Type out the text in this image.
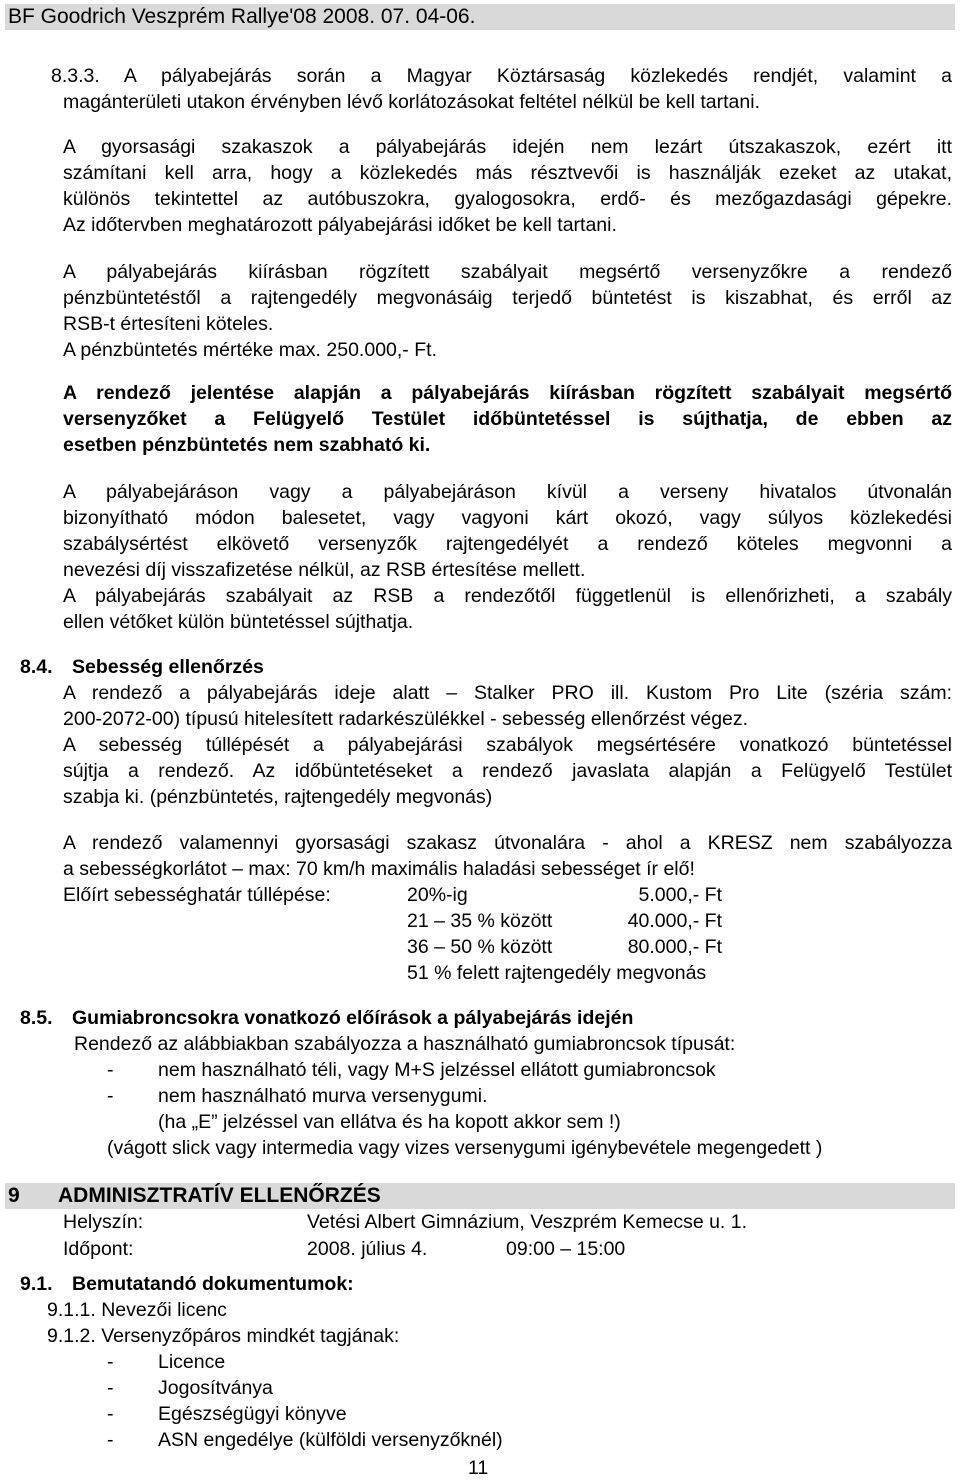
BF Goodrich Veszprém Rallye'08 2008. 07. 04-06.
8.3.3. A pályabejárás során a Magyar Köztársaság közlekedés rendjét, valamint a
magánterületi utakon érvényben lévő korlátozásokat feltétel nélkül be kell tartani.
A gyorsasági szakaszok a pályabejárás idején nem lezárt útszakaszok, ezért itt
számítani kell arra, hogy a közlekedés más résztvevői is használják ezeket az utakat,
különös tekintettel az autóbuszokra, gyalogosokra, erdő- és mezőgazdasági gépekre.
Az időtervben meghatározott pályabejárási időket be kell tartani.
A pályabejárás kiírásban rögzített szabályait megsértő versenyzőkre a rendező
pénzbüntetéstől a rajtengedély megvonásáig terjedő büntetést is kiszabhat, és erről az
RSB-t értesíteni köteles.
A pénzbüntetés mértéke max. 250.000,- Ft.
A rendező jelentése alapján a pályabejárás kiírásban rögzített szabályait megsértő
versenyzőket a Felügyelő Testület időbüntetéssel is sújthatja, de ebben az
esetben pénzbüntetés nem szabható ki.
A pályabejáráson vagy a pályabejáráson kívül a verseny hivatalos útvonalán
bizonyítható módon balesetet, vagy vagyoni kárt okozó, vagy súlyos közlekedési
szabálysértést elkövető versenyzők rajtengedélyét a rendező köteles megvonni a
nevezési díj visszafizetése nélkül, az RSB értesítése mellett.
A pályabejárás szabályait az RSB a rendezőtől függetlenül is ellenőrizheti, a szabály
ellen vétőket külön büntetéssel sújthatja.
8.4. Sebesség ellenőrzés
A rendező a pályabejárás ideje alatt – Stalker PRO ill. Kustom Pro Lite (széria szám:
200-2072-00) típusú hitelesített radarkészülékkel - sebesség ellenőrzést végez.
A sebesség túllépését a pályabejárási szabályok megsértésére vonatkozó büntetéssel
sújtja a rendező. Az időbüntetéseket a rendező javaslata alapján a Felügyelő Testület
szabja ki. (pénzbüntetés, rajtengedély megvonás)
A rendező valamennyi gyorsasági szakasz útvonalára - ahol a KRESZ nem szabályozza
a sebességkorlátot – max: 70 km/h maximális haladási sebességet ír elő!
Előírt sebességhatár túllépése:	20%-ig	5.000,- Ft
21 – 35 % között	40.000,- Ft
36 – 50 % között	80.000,- Ft
51 % felett rajtengedély megvonás
8.5. Gumiabroncsokra vonatkozó előírások a pályabejárás idején
Rendező az alábbiakban szabályozza a használható gumiabroncsok típusát:
- nem használható téli, vagy M+S jelzéssel ellátott gumiabroncsok
- nem használható murva versenygumi.
(ha „E” jelzéssel van ellátva és ha kopott akkor sem !)
(vágott slick vagy intermedia vagy vizes versenygumi igénybevétele megengedett )
9 ADMINISZTRATÍV ELLENŐRZÉS
Helyszín:	Vetési Albert Gimnázium, Veszprém Kemecse u. 1.
Időpont:	2008. július 4.	09:00 – 15:00
9.1. Bemutatandó dokumentumok:
9.1.1. Nevezői licenc
9.1.2. Versenyzőpáros mindkét tagjának:
- Licence
- Jogosítványa
- Egészségügyi könyve
- ASN engedélye (külföldi versenyzőknél)
11
